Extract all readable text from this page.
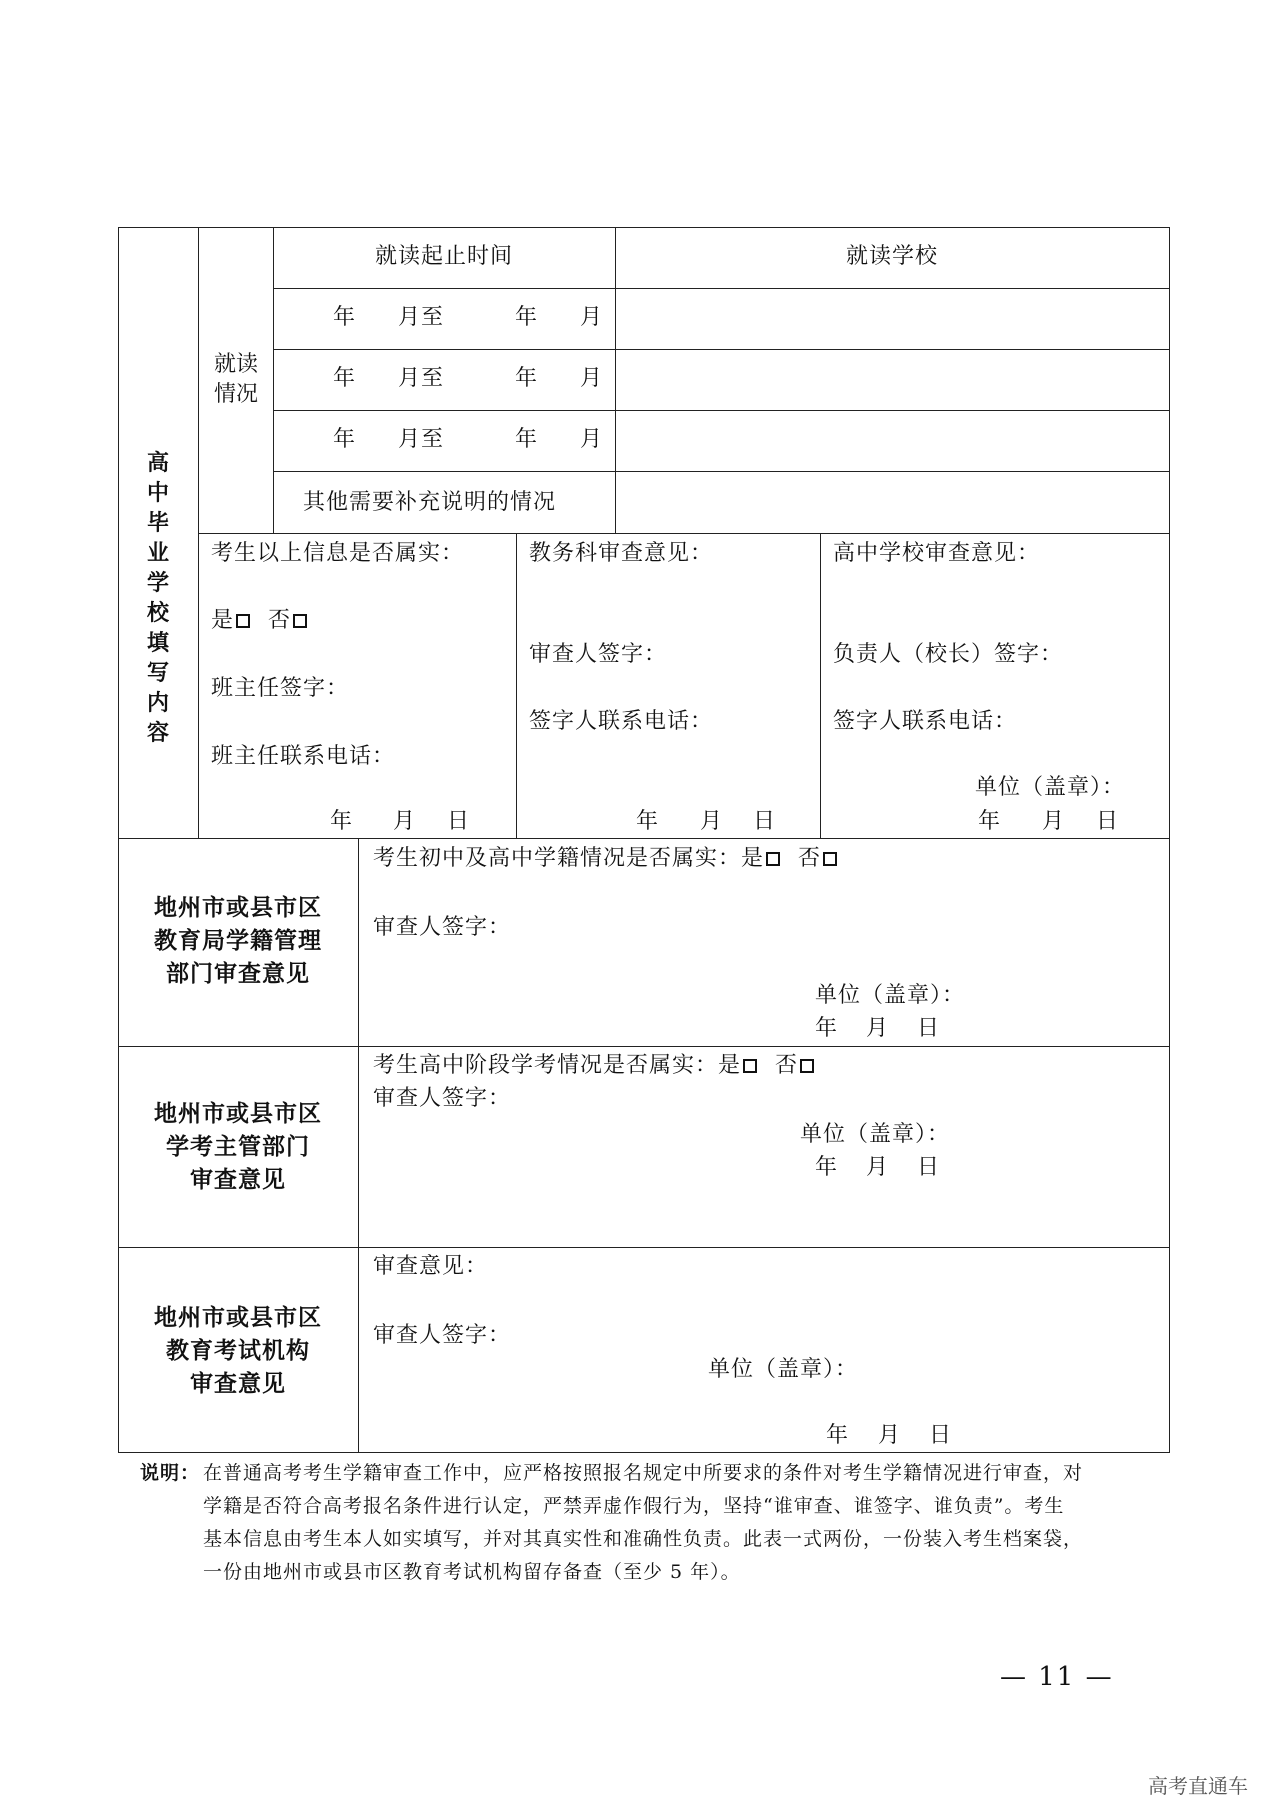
高中
毕业
学校
填写
内容
就读
情况
就读起止时间	就读学校
年 月至	年 月
年 月至	年 月
年 月至	年 月
其他需要补充说明的情况
考生以上信息是否属实：
是 否
班主任签字：
班主任联系电话：
年 月 日
教务科审查意见：
审查人签字：
签字人联系电话：
年 月 日
高中学校审查意见：
负责人（校长）签字：
签字人联系电话：
单位（盖章）：
年 月 日
地州市或县市区
教育局学籍管理
部门审查意见
考生初中及高中学籍情况是否属实：是 否
审查人签字：
单位（盖章）：
年 月 日
地州市或县市区
学考主管部门
审查意见
考生高中阶段学考情况是否属实：是 否
审查人签字：
单位（盖章）：
年 月 日
地州市或县市区
教育考试机构
审查意见
审查意见：
审查人签字：
单位（盖章）：
年 月 日
说明： 在普通高考考生学籍审查工作中，应严格按照报名规定中所要求的条件对考生学籍情况进行审查，对
学籍是否符合高考报名条件进行认定，严禁弄虚作假行为，坚持“谁审查、谁签字、谁负责”。考生
基本信息由考生本人如实填写，并对其真实性和准确性负责。此表一式两份，一份装入考生档案袋，
一份由地州市或县市区教育考试机构留存备查（至少 5 年）。
— 11 —
高考直通车
